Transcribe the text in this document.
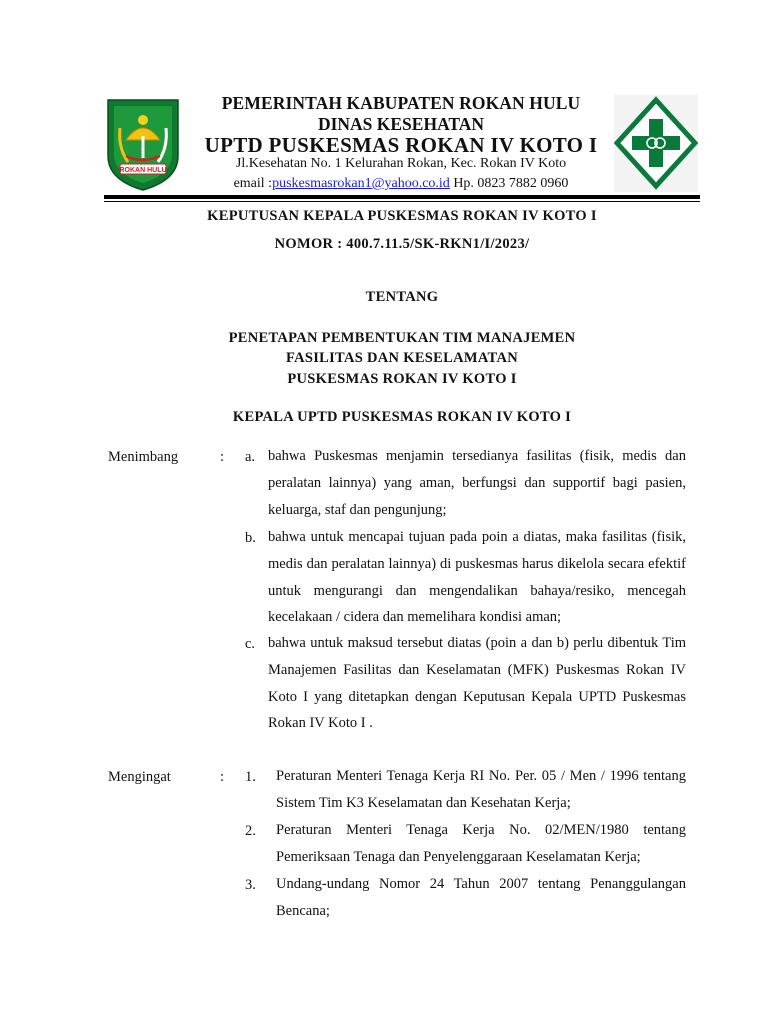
ROKAN HULU
PEMERINTAH KABUPATEN ROKAN HULU
DINAS KESEHATAN
UPTD PUSKESMAS ROKAN IV KOTO I
Jl.Kesehatan No. 1 Kelurahan Rokan, Kec. Rokan IV Koto
email :puskesmasrokan1@yahoo.co.id Hp. 0823 7882 0960
KEPUTUSAN KEPALA PUSKESMAS ROKAN IV KOTO I
NOMOR : 400.7.11.5/SK-RKN1/I/2023/
TENTANG
PENETAPAN PEMBENTUKAN TIM MANAJEMEN
FASILITAS DAN KESELAMATAN
PUSKESMAS ROKAN IV KOTO I
KEPALA UPTD PUSKESMAS ROKAN IV KOTO I
Menimbang	: a. bahwa Puskesmas menjamin tersedianya fasilitas (fisik, medis dan peralatan lainnya) yang aman, berfungsi dan supportif bagi pasien, keluarga, staf dan pengunjung;
b. bahwa untuk mencapai tujuan pada poin a diatas, maka fasilitas (fisik, medis dan peralatan lainnya) di puskesmas harus dikelola secara efektif untuk mengurangi dan mengendalikan bahaya/resiko, mencegah kecelakaan / cidera dan memelihara kondisi aman;
c. bahwa untuk maksud tersebut diatas (poin a dan b) perlu dibentuk Tim Manajemen Fasilitas dan Keselamatan (MFK) Puskesmas Rokan IV Koto I yang ditetapkan dengan Keputusan Kepala UPTD Puskesmas Rokan IV Koto I .
Mengingat	: 1. Peraturan Menteri Tenaga Kerja RI No. Per. 05 / Men / 1996 tentang Sistem Tim K3 Keselamatan dan Kesehatan Kerja;
2. Peraturan Menteri Tenaga Kerja No. 02/MEN/1980 tentang Pemeriksaan Tenaga dan Penyelenggaraan Keselamatan Kerja;
3. Undang-undang Nomor 24 Tahun 2007 tentang Penanggulangan Bencana;
